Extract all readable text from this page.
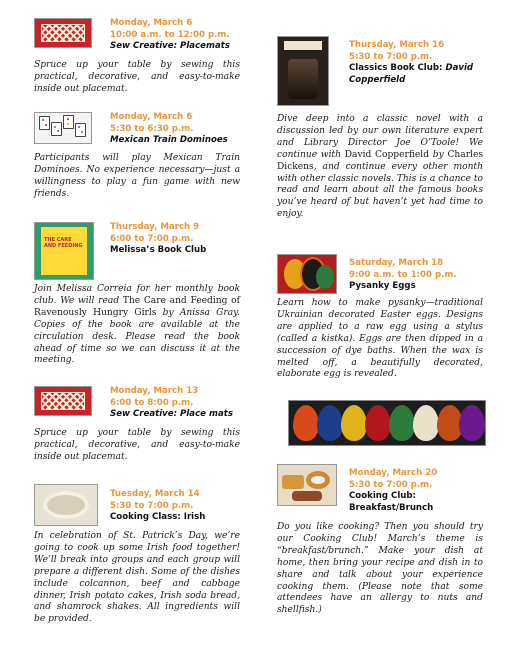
Monday, March 6
10:00 a.m. to 12:00 p.m.
Sew Creative: Placemats

Spruce up your table by sewing this practical, decorative, and easy-to-make inside out placemat.

Monday, March 6
5:30 to 6:30 p.m.
Mexican Train Dominoes

Participants will play Mexican Train Dominoes. No experience necessary—just a willingness to play a fun game with new friends.

THE CARE AND FEEDING
Thursday, March 9
6:00 to 7:00 p.m.
Melissa’s Book Club

Join Melissa Correia for her monthly book club. We will read The Care and Feeding of Ravenously Hungry Girls by Anissa Gray. Copies of the book are available at the circulation desk. Please read the book ahead of time so we can discuss it at the meeting.

Monday, March 13
6:00 to 8:00 p.m.
Sew Creative: Place mats

Spruce up your table by sewing this practical, decorative, and easy-to-make inside out placemat.

Tuesday, March 14
5:30 to 7:00 p.m.
Cooking Class: Irish

In celebration of St. Patrick’s Day, we’re going to cook up some Irish food together! We’ll break into groups and each group will prepare a different dish. Some of the dishes include colcannon, beef and cabbage dinner, Irish potato cakes, Irish soda bread, and shamrock shakes. All ingredients will be provided.

Thursday, March 16
5:30 to 7:00 p.m.
Classics Book Club: David Copperfield

Dive deep into a classic novel with a discussion led by our own literature expert and Library Director Joe O’Toole! We continue with David Copperfield by Charles Dickens, and continue every other month with other classic novels. This is a chance to read and learn about all the famous books you’ve heard of but haven’t yet had time to enjoy.

Saturday, March 18
9:00 a.m. to 1:00 p.m.
Pysanky Eggs

Learn how to make pysanky—traditional Ukrainian decorated Easter eggs. Designs are applied to a raw egg using a stylus (called a kistka). Eggs are then dipped in a succession of dye baths. When the wax is melted off, a beautifully decorated, elaborate egg is revealed.

Monday, March 20
5:30 to 7:00 p.m.
Cooking Club: Breakfast/Brunch

Do you like cooking? Then you should try our Cooking Club! March’s theme is “breakfast/brunch.” Make your dish at home, then bring your recipe and dish in to share and talk about your experience cooking them. (Please note that some attendees have an allergy to nuts and shellfish.)
